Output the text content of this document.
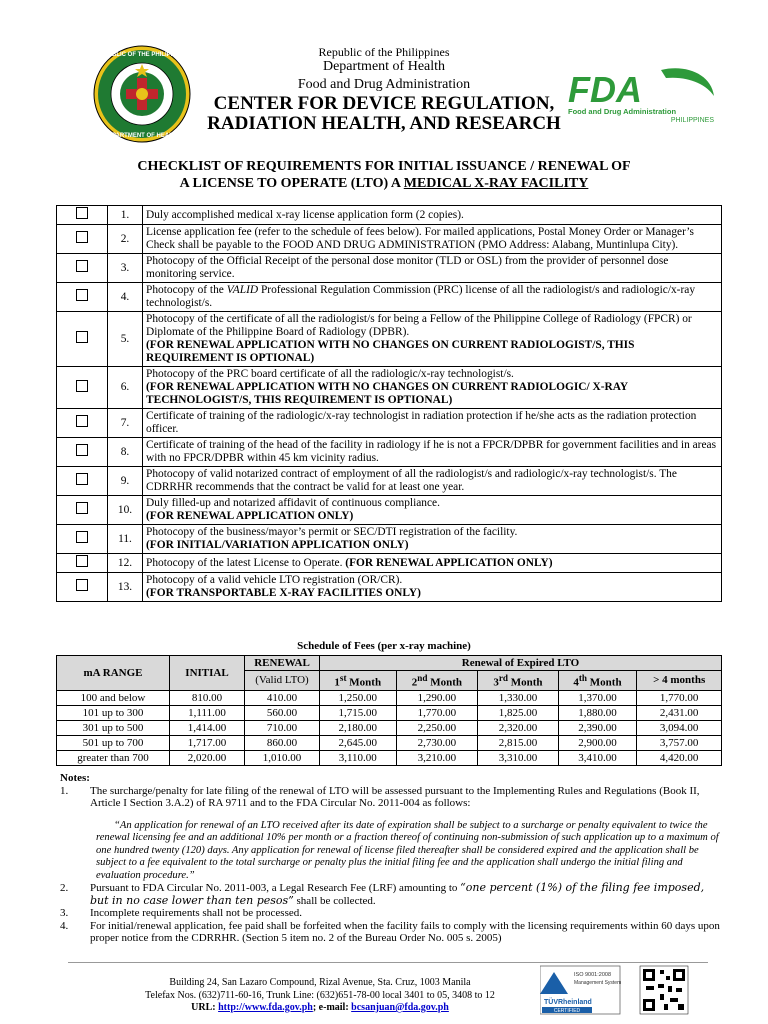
REPUBLIC OF THE PHILIPPINES
DEPARTMENT OF HEALTH
Republic of the Philippines
Department of Health
Food and Drug Administration
CENTER FOR DEVICE REGULATION,
RADIATION HEALTH, AND RESEARCH
FDA
Food and Drug Administration
PHILIPPINES
CHECKLIST OF REQUIREMENTS FOR INITIAL ISSUANCE / RENEWAL OF
A LICENSE TO OPERATE (LTO) A MEDICAL X-RAY FACILITY
	1.	Duly accomplished medical x-ray license application form (2 copies).
	2.	License application fee (refer to the schedule of fees below). For mailed applications, Postal Money Order or Manager’s Check shall be payable to the FOOD AND DRUG ADMINISTRATION (PMO Address: Alabang, Muntinlupa City).
	3.	Photocopy of the Official Receipt of the personal dose monitor (TLD or OSL) from the provider of personnel dose monitoring service.
	4.	Photocopy of the VALID Professional Regulation Commission (PRC) license of all the radiologist/s and radiologic/x-ray technologist/s.
	5.	Photocopy of the certificate of all the radiologist/s for being a Fellow of the Philippine College of Radiology (FPCR) or Diplomate of the Philippine Board of Radiology (DPBR).
(FOR RENEWAL APPLICATION WITH NO CHANGES ON CURRENT RADIOLOGIST/S, THIS REQUIREMENT IS OPTIONAL)
	6.	Photocopy of the PRC board certificate of all the radiologic/x-ray technologist/s.
(FOR RENEWAL APPLICATION WITH NO CHANGES ON CURRENT RADIOLOGIC/ X-RAY TECHNOLOGIST/S, THIS REQUIREMENT IS OPTIONAL)
	7.	Certificate of training of the radiologic/x-ray technologist in radiation protection if he/she acts as the radiation protection officer.
	8.	Certificate of training of the head of the facility in radiology if he is not a FPCR/DPBR for government facilities and in areas with no FPCR/DPBR within 45 km vicinity radius.
	9.	Photocopy of valid notarized contract of employment of all the radiologist/s and radiologic/x-ray technologist/s. The CDRRHR recommends that the contract be valid for at least one year.
	10.	Duly filled-up and notarized affidavit of continuous compliance.
(FOR RENEWAL APPLICATION ONLY)
	11.	Photocopy of the business/mayor’s permit or SEC/DTI registration of the facility.
(FOR INITIAL/VARIATION APPLICATION ONLY)
	12.	Photocopy of the latest License to Operate. (FOR RENEWAL APPLICATION ONLY)
	13.	Photocopy of a valid vehicle LTO registration (OR/CR).
(FOR TRANSPORTABLE X-RAY FACILITIES ONLY)
Schedule of Fees (per x-ray machine)
mA RANGE	INITIAL	RENEWAL	Renewal of Expired LTO				
		(Valid LTO)	1st Month	2nd Month	3rd Month	4th Month	> 4 months
100 and below	810.00	410.00	1,250.00	1,290.00	1,330.00	1,370.00	1,770.00
101 up to 300	1,111.00	560.00	1,715.00	1,770.00	1,825.00	1,880.00	2,431.00
301 up to 500	1,414.00	710.00	2,180.00	2,250.00	2,320.00	2,390.00	3,094.00
501 up to 700	1,717.00	860.00	2,645.00	2,730.00	2,815.00	2,900.00	3,757.00
greater than 700	2,020.00	1,010.00	3,110.00	3,210.00	3,310.00	3,410.00	4,420.00
Notes:
1. The surcharge/penalty for late filing of the renewal of LTO will be assessed pursuant to the Implementing Rules and Regulations (Book II, Article I Section 3.A.2) of RA 9711 and to the FDA Circular No. 2011-004 as follows:

“An application for renewal of an LTO received after its date of expiration shall be subject to a surcharge or penalty equivalent to twice the renewal licensing fee and an additional 10% per month or a fraction thereof of continuing non-submission of such application up to a maximum of one hundred twenty (120) days. Any application for renewal of license filed thereafter shall be considered expired and the application shall be subject to a fee equivalent to the total surcharge or penalty plus the initial filing fee and the application shall undergo the initial filing and evaluation procedure.”

2. Pursuant to FDA Circular No. 2011-003, a Legal Research Fee (LRF) amounting to “one percent (1%) of the filing fee imposed, but in no case lower than ten pesos” shall be collected.
3. Incomplete requirements shall not be processed.
4. For initial/renewal application, fee paid shall be forfeited when the facility fails to comply with the licensing requirements within 60 days upon proper notice from the CDRRHR. (Section 5 item no. 2 of the Bureau Order No. 005 s. 2005)
Building 24, San Lazaro Compound, Rizal Avenue, Sta. Cruz, 1003 Manila
Telefax Nos. (632)711-60-16, Trunk Line: (632)651-78-00 local 3401 to 05, 3408 to 12
URL: http://www.fda.gov.ph; e-mail: bcsanjuan@fda.gov.ph	TÜVRheinland
CERTIFIED
ISO 9001:2008
Management System
